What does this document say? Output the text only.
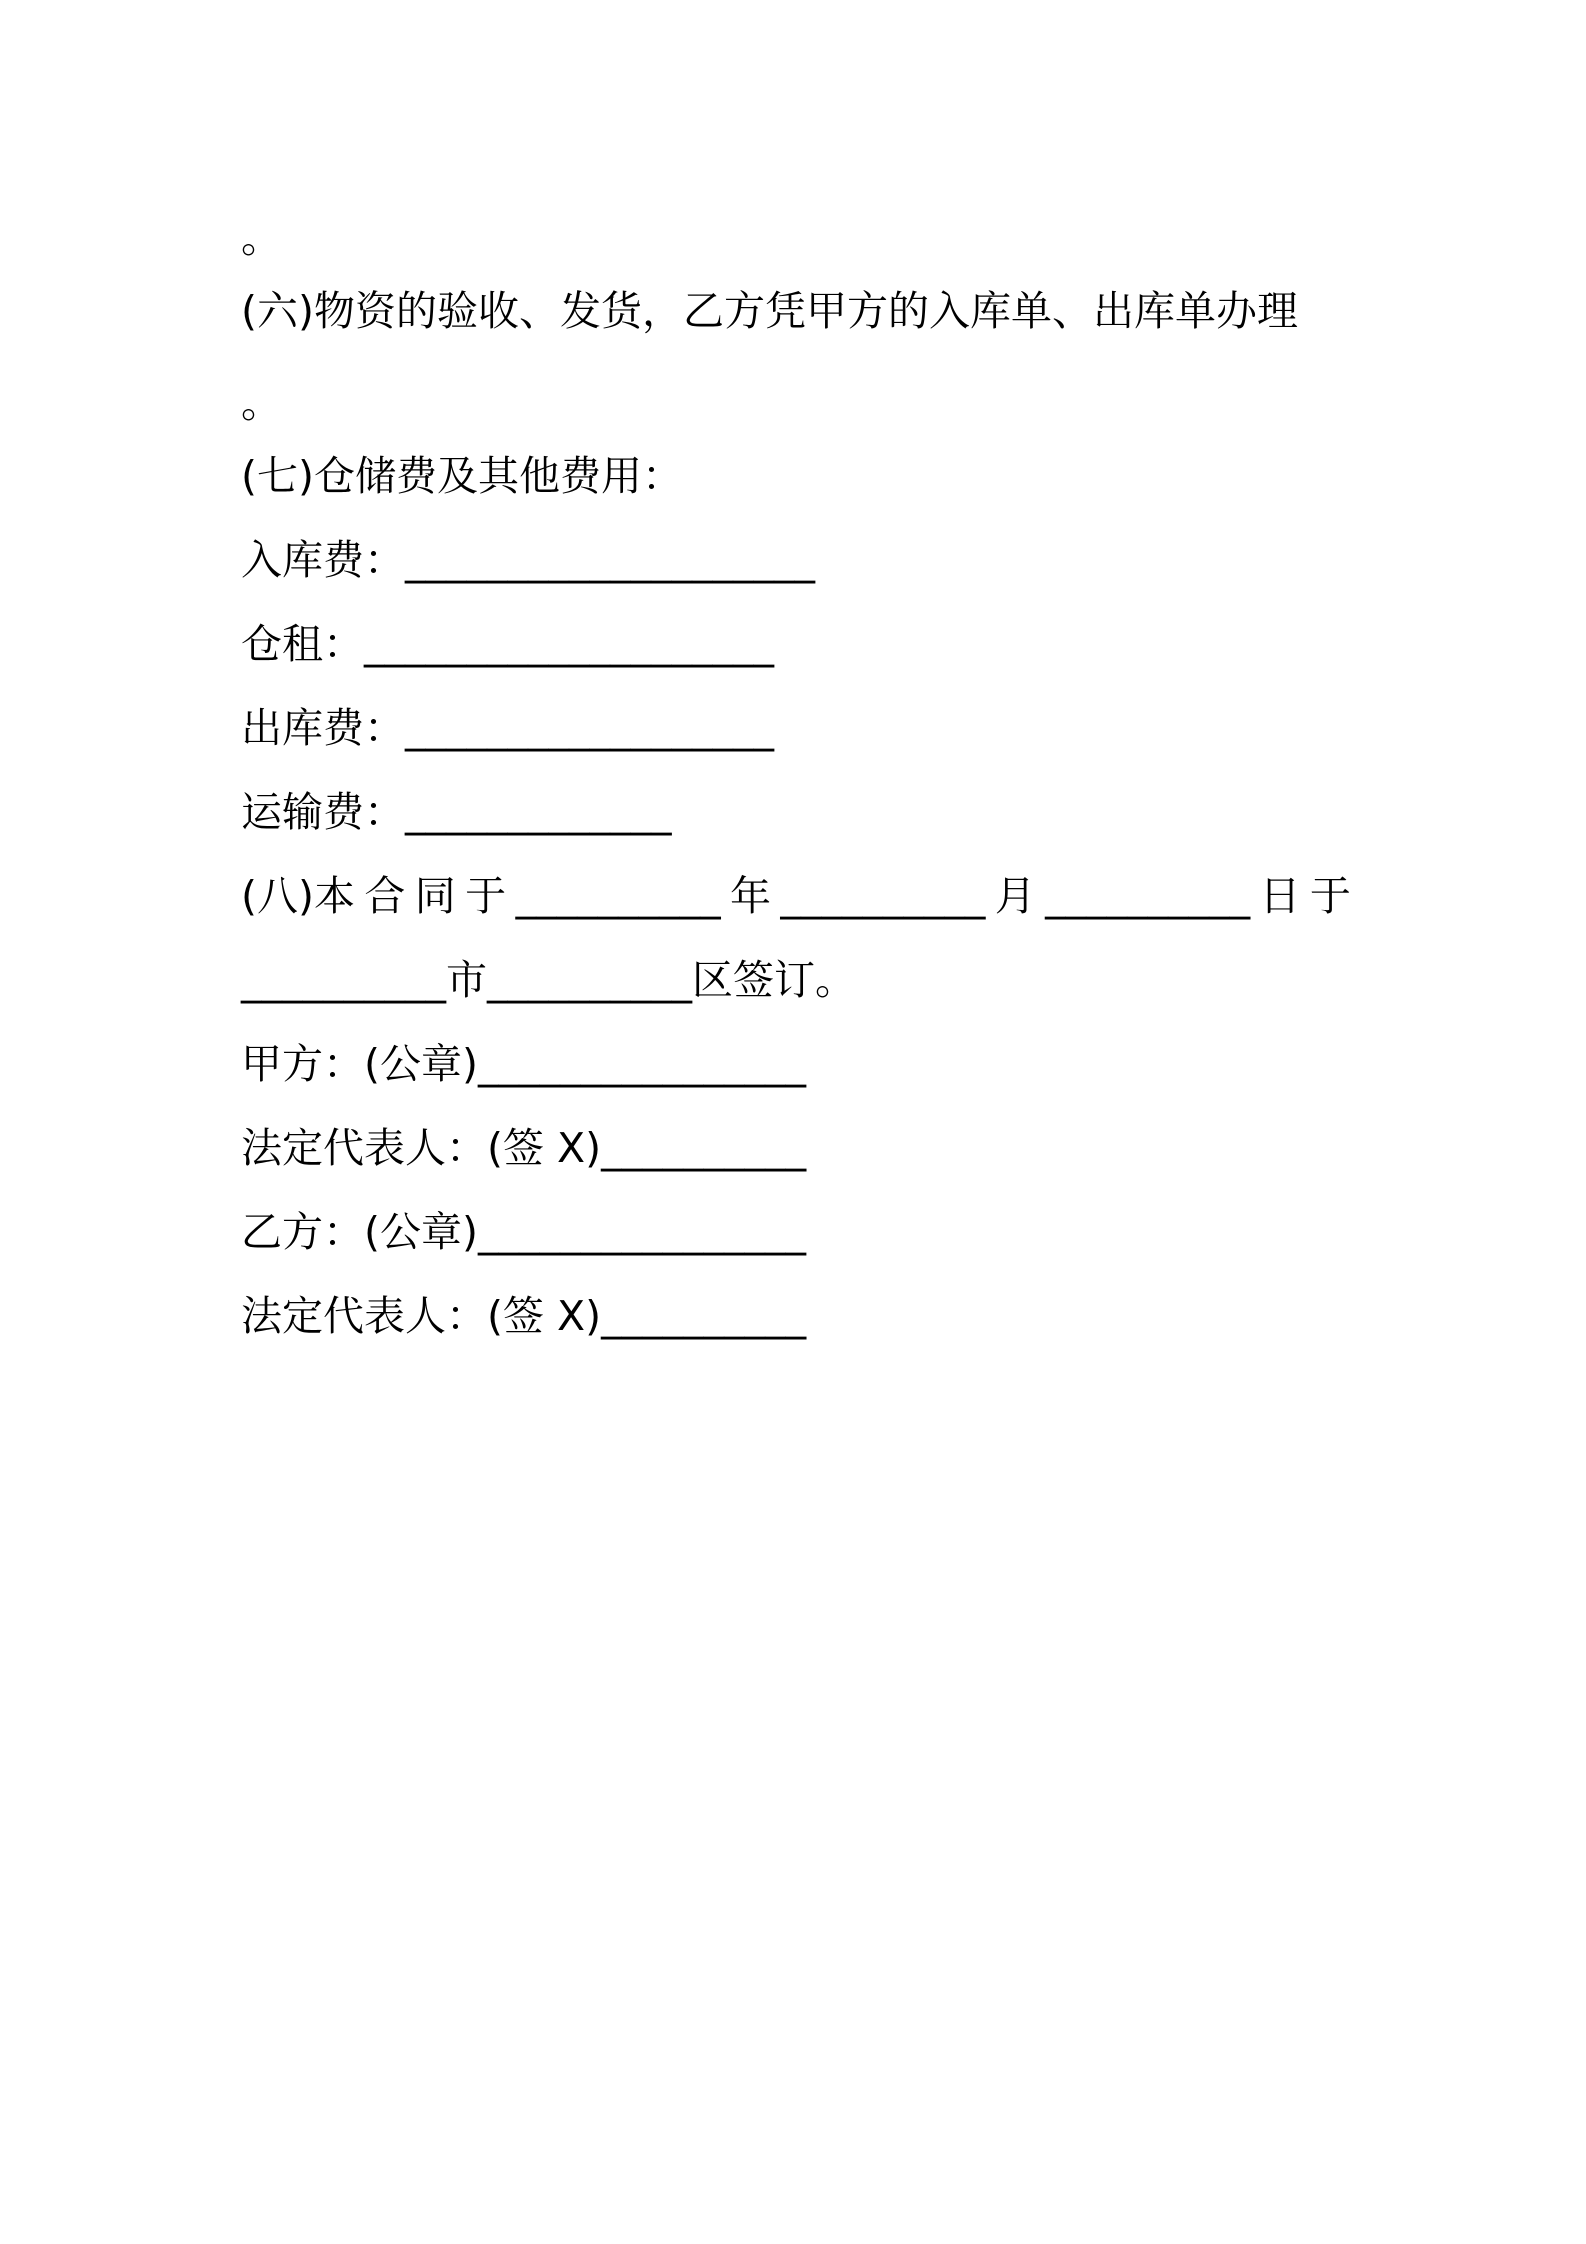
。
(六)物资的验收、发货，乙方凭甲方的入库单、出库单办理
。
(七)仓储费及其他费用：
入库费：____________________
仓租：____________________
出库费：__________________
运输费：_____________
(八)本 合 同 于 __________ 年 __________ 月 __________ 日 于
__________市__________区签订。
甲方：(公章)________________
法定代表人：(签 X)__________
乙方：(公章)________________
法定代表人：(签 X)__________
